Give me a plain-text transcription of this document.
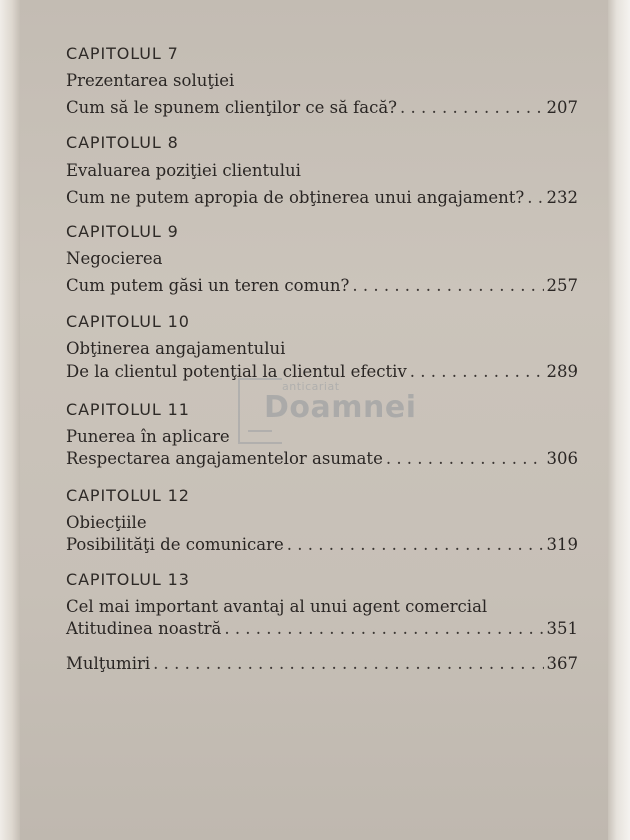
CAPITOLUL 7
Prezentarea soluţiei
Cum să le spunem clienţilor ce să facă? . . .	207
CAPITOLUL 8
Evaluarea poziţiei clientului
Cum ne putem apropia de obţinerea unui angajament? . . . 232
CAPITOLUL 9
Negocierea
Cum putem găsi un teren comun? . . .	257
CAPITOLUL 10
Obţinerea angajamentului
De la clientul potenţial la clientul efectiv . . .	289
CAPITOLUL 11
Punerea în aplicare
Respectarea angajamentelor asumate . . .	306
CAPITOLUL 12
Obiecţiile
Posibilităţi de comunicare . . .	319
CAPITOLUL 13
Cel mai important avantaj al unui agent comercial
Atitudinea noastră . . .	351
Mulţumiri . . .	367
anticariat
Doamnei
